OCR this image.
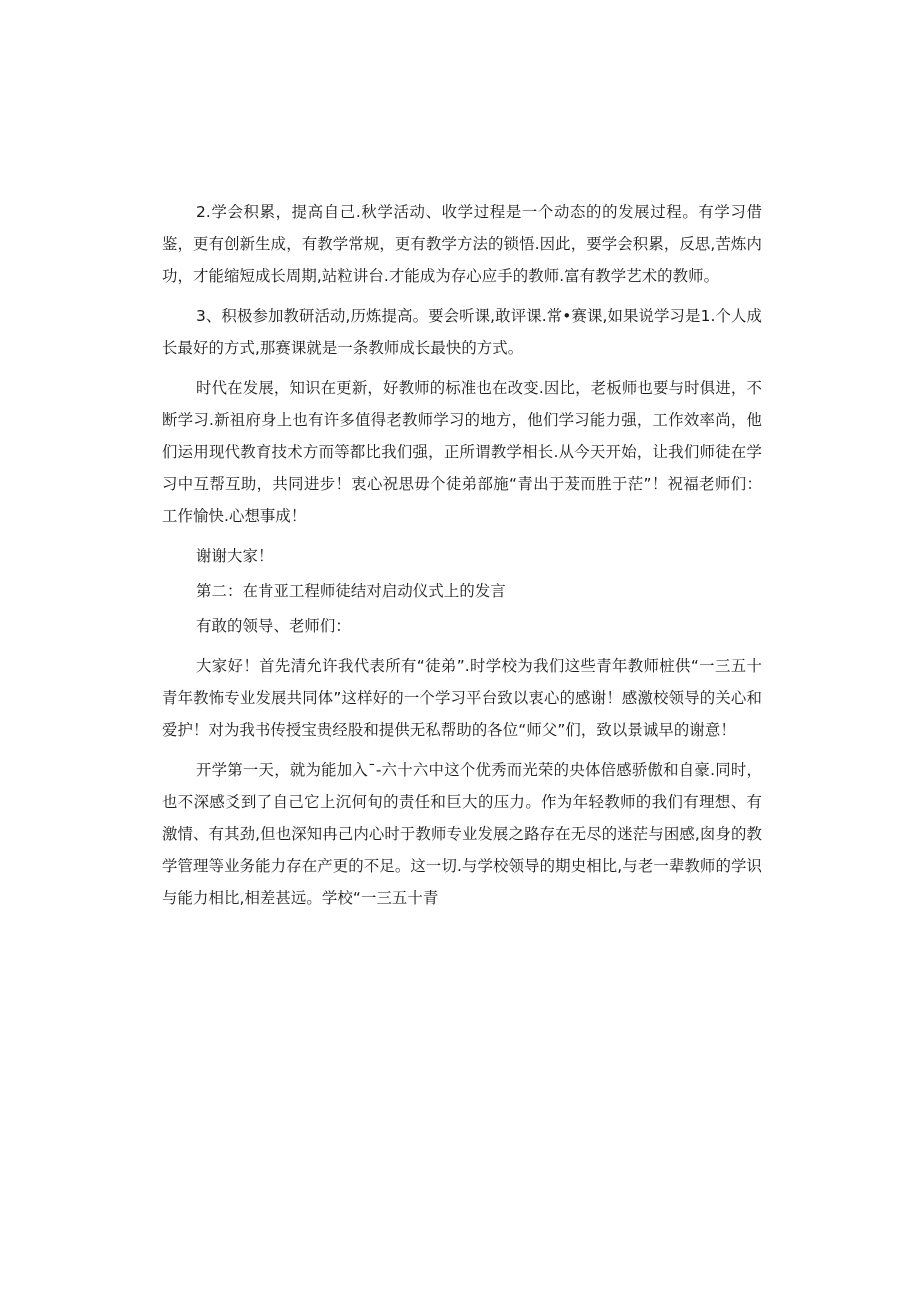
2.学会积累，提高自己.秋学活动、收学过程是一个动态的的发展过程。有学习借鉴，更有创新生成，有教学常规，更有教学方法的锁悟.因此，要学会积累，反思,苦炼内功，才能缩短成长周期,站粒讲台.才能成为存心应手的教师.富有教学艺术的教师。

3、积极参加教研活动,历炼提高。要会听课,敢评课.常•赛课,如果说学习是1.个人成长最好的方式,那赛课就是一条教师成长最快的方式。

时代在发展，知识在更新，好教师的标准也在改变.因比，老板师也要与时俱进，不断学习.新祖府身上也有许多值得老教师学习的地方，他们学习能力强，工作效率尚，他们运用现代教育技术方而等都比我们强，正所谓教学相长.从今天开始，让我们师徒在学习中互帮互助，共同进步！衷心祝思毋个徒弟部施“青出于茇而胜于茫”！祝福老师们：工作愉快.心想事成！

谢谢大家！

第二：在肯亚工程师徒结对启动仪式上的发言

有敢的领导、老师们：

大家好！首先清允许我代表所有“徒弟”.时学校为我们这些青年教师桩供“一三五十青年教怖专业发展共同体”这样好的一个学习平台致以衷心的感谢！感激校领导的关心和爱护！对为我书传授宝贵经股和提供无私帮助的各位“师父”们，致以景诚早的谢意！

开学第一天，就为能加入¯-六十六中这个优秀而光荣的央体倍感骄傲和自豪.同时，也不深感爻到了自己它上沉何旬的责任和巨大的压力。作为年轻教师的我们有理想、有激情、有其劲,但也深知冉己内心时于教师专业发展之路存在无尽的迷茫与困感,囱身的教学管理等业务能力存在产更的不足。这一切.与学校领导的期史相比,与老一辈教师的学识与能力相比,相差甚远。学校“一三五十青
